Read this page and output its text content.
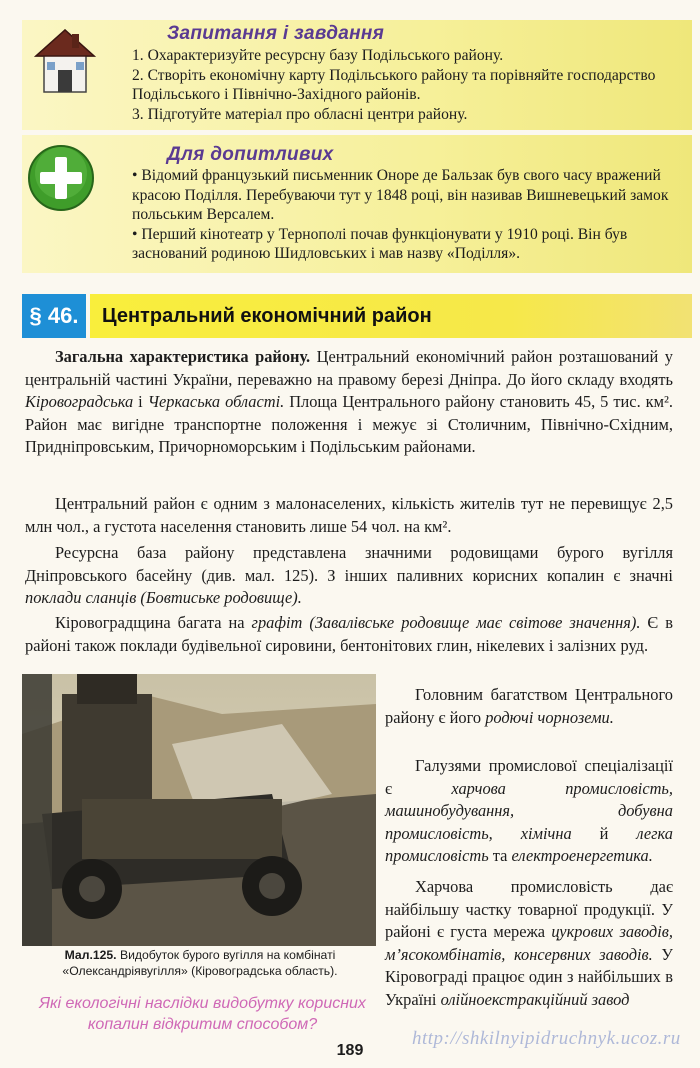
Запитання і завдання

1. Охарактеризуйте ресурсну базу Подільського району.

2. Створіть економічну карту Подільського району та порівняйте господарство Подільського і Північно-Західного районів.

3. Підготуйте матеріал про обласні центри району.

Для допитливих

• Відомий французький письменник Оноре де Бальзак був свого часу вражений красою Поділля. Перебуваючи тут у 1848 році, він називав Вишневецький замок польським Версалем.

• Перший кінотеатр у Тернополі почав функціонувати у 1910 році. Він був заснований родиною Шидловських і мав назву «Поділля».

§ 46.	Центральний економічний район

Загальна характеристика району. Центральний економічний район розташований у центральній частині України, переважно на правому березі Дніпра. До його складу входять Кіровоградська і Черкаська області. Площа Центрального району становить 45, 5 тис. км². Район має вигідне транспортне положення і межує зі Столичним, Північно-Східним, Придніпровським, Причорноморським і Подільським районами.

Центральний район є одним з малонаселених, кількість жителів тут не перевищує 2,5 млн чол., а густота населення становить лише 54 чол. на км².

Ресурсна база району представлена значними родовищами бурого вугілля Дніпровського басейну (див. мал. 125). З інших паливних корисних копалин є значні поклади сланців (Бовтиське родовище).

Кіровоградщина багата на графіт (Завалівське родовище має світове значення). Є в районі також поклади будівельної сировини, бентонітових глин, нікелевих і залізних руд.

Головним багатством Центрального району є його родючі чорноземи.

Галузями промислової спеціалізації є харчова промисловість, машинобудування, добувна промисловість, хімічна й легка промисловість та електроенергетика.

Харчова промисловість дає найбільшу частку товарної продукції. У районі є густа мережа цукрових заводів, м’ясокомбінатів, консервних заводів. У Кіровограді працює один з найбільших в Україні олійноекстракційний завод

Мал.125. Видобуток бурого вугілля на комбінаті «Олександріявугілля» (Кіровоградська область).
Які екологічні наслідки видобутку корисних копалин відкритим способом?
189
http://shkilnyipidruchnyk.ucoz.ru
